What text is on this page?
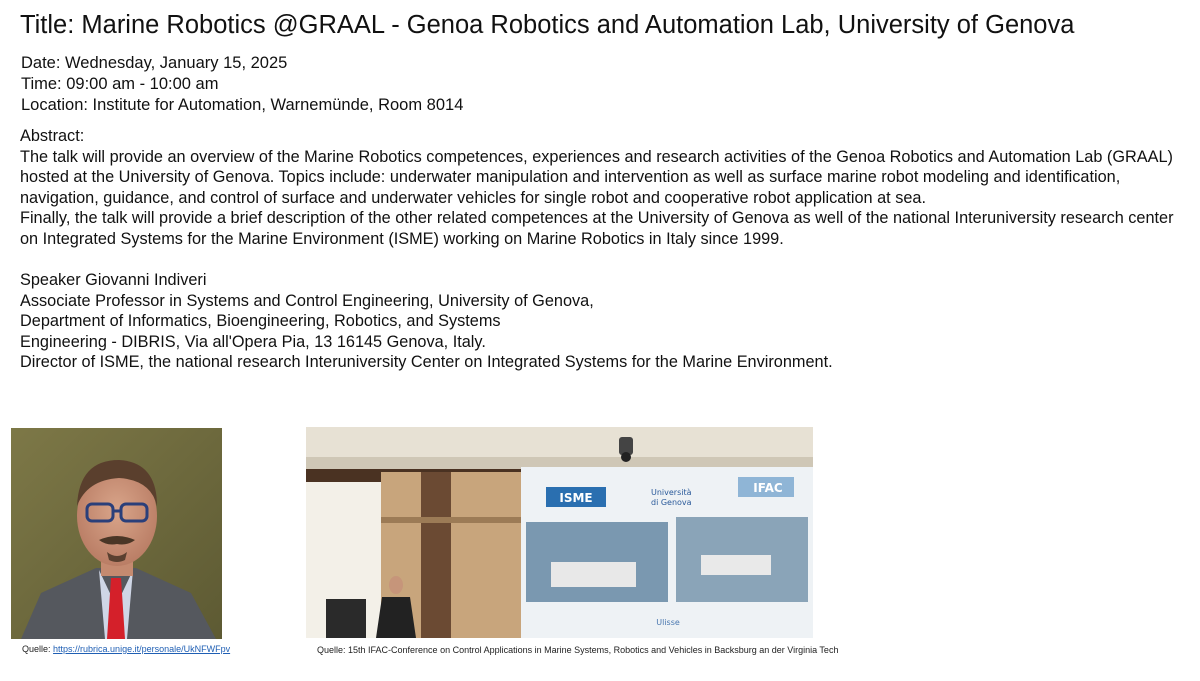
Title: Marine Robotics @GRAAL - Genoa Robotics and Automation Lab, University of Genova
Date: Wednesday, January 15, 2025
Time: 09:00 am - 10:00 am
Location: Institute for Automation, Warnemünde, Room 8014

Abstract:

The talk will provide an overview of the Marine Robotics competences, experiences and research activities of the Genoa Robotics and Automation Lab (GRAAL) hosted at the University of Genova. Topics include: underwater manipulation and intervention as well as surface marine robot modeling and identification, navigation, guidance, and control of surface and underwater vehicles for single robot and cooperative robot application at sea.

Finally, the talk will provide a brief description of the other related competences at the University of Genova as well of the national Interuniversity research center on Integrated Systems for the Marine Environment (ISME) working on Marine Robotics in Italy since 1999.

Speaker Giovanni Indiveri

Associate Professor in Systems and Control Engineering, University of Genova,

Department of Informatics, Bioengineering, Robotics, and Systems

Engineering - DIBRIS, Via all'Opera Pia, 13 16145 Genova, Italy.

Director of ISME, the national research Interuniversity Center on Integrated Systems for the Marine Environment.

ISME	Università
di Genova
IFAC
Ulisse
Quelle: https://rubrica.unige.it/personale/UkNFWFpv	Quelle: 15th IFAC-Conference on Control Applications in Marine Systems, Robotics and Vehicles in Backsburg an der Virginia Tech
